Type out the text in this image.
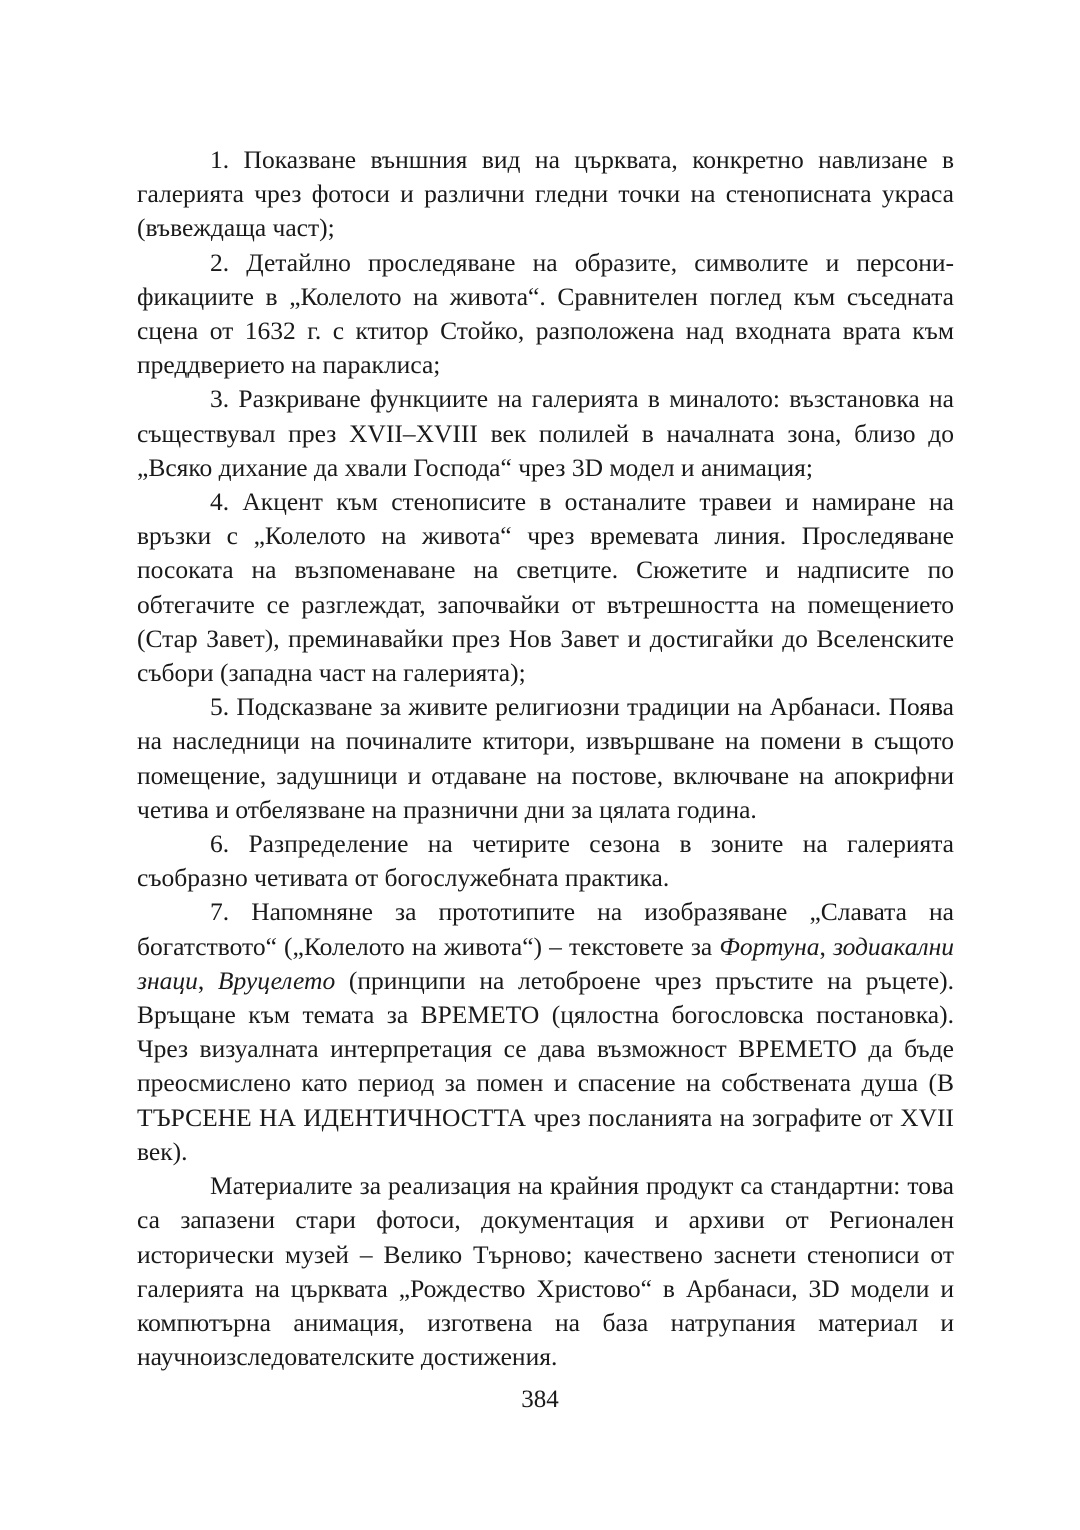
1. Показване външния вид на църквата, конкретно навлизане в галерията чрез фотоси и различни гледни точки на стенописната украса (въвеждаща част);

2. Детайлно проследяване на образите, символите и персонификациите в „Колелото на живота“. Сравнителен поглед към съседната сцена от 1632 г. с ктитор Стойко, разположена над входната врата към преддверието на параклиса;

3. Разкриване функциите на галерията в миналото: възстановка на съществувал през XVII–XVIII век полилей в началната зона, близо до „Всяко дихание да хвали Господа“ чрез 3D модел и анимация;

4. Акцент към стенописите в останалите травеи и намиране на връзки с „Колелото на живота“ чрез времевата линия. Проследяване посоката на възпоменаване на светците. Сюжетите и надписите по обтегачите се разглеждат, започвайки от вътрешността на помещението (Стар Завет), преминавайки през Нов Завет и достигайки до Вселенските събори (западна част на галерията);

5. Подсказване за живите религиозни традиции на Арбанаси. Поява на наследници на починалите ктитори, извършване на помени в същото помещение, задушници и отдаване на постове, включване на апокрифни четива и отбелязване на празнични дни за цялата година.

6. Разпределение на четирите сезона в зоните на галерията съобразно четивата от богослужебната практика.

7. Напомняне за прототипите на изобразяване „Славата на богатството“ („Колелото на живота“) – текстовете за Фортуна, зодиакални знаци, Вруцелето (принципи на летоброене чрез пръстите на ръцете). Връщане към темата за ВРЕМЕТО (цялостна богословска постановка). Чрез визуалната интерпретация се дава възможност ВРЕМЕТО да бъде преосмислено като период за помен и спасение на собствената душа (В ТЪРСЕНЕ НА ИДЕНТИЧНОСТТА чрез посланията на зографите от XVII век).

Материалите за реализация на крайния продукт са стандартни: това са запазени стари фотоси, документация и архиви от Регионален исторически музей – Велико Търново; качествено заснети стенописи от галерията на църквата „Рождество Христово“ в Арбанаси, 3D модели и компютърна анимация, изготвена на база натрупания материал и научноизследователските достижения.

384
